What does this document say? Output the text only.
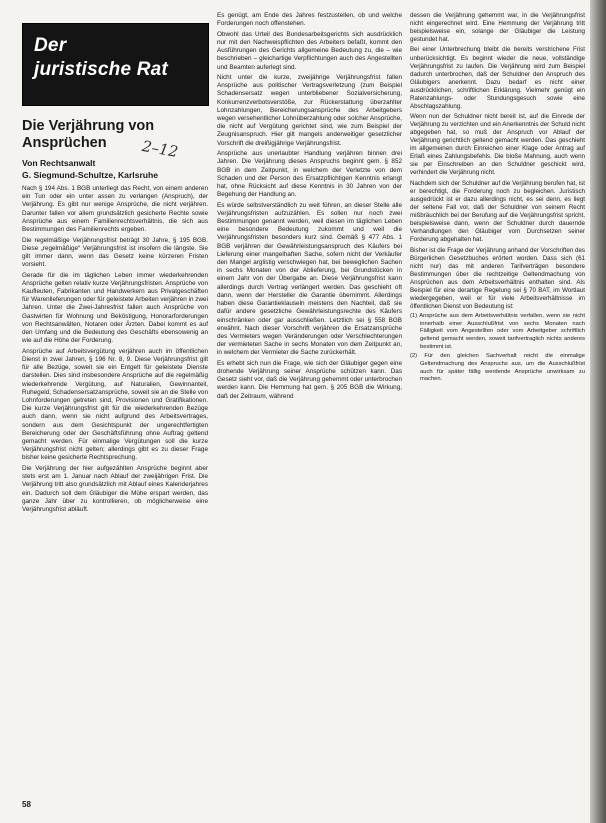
Der
juristische Rat
Die Verjährung von Ansprüchen	2–12

Von Rechtsanwalt
G. Siegmund-Schultze, Karlsruhe

Nach § 194 Abs. 1 BGB unterliegt das Recht, von einem anderen ein Tun oder ein unter assen zu verlangen (Anspruch), der Verjährung. Es gibt nur wenige Ansprüche, die nicht verjähren. Darunter fallen vor allem grundsätzlich gesicherte Rechte sowie Ansprüche aus einem Familienrechtsverhältnis, die sich aus Bestimmungen des Familienrechts ergeben.

Die regelmäßige Verjährungsfrist beträgt 30 Jahre, § 195 BGB. Diese „regelmäßige“ Verjährungsfrist ist insofern die längste. Sie gilt immer dann, wenn das Gesetz keine kürzeren Fristen vorsieht.

Gerade für die im täglichen Leben immer wiederkehrenden Ansprüche gelten relativ kurze Verjährungsfristen. Ansprüche von Kaufleuten, Fabrikanten und Handwerkern aus Privatgeschäften für Warenlieferungen oder für geleistete Arbeiten verjähren in zwei Jahren. Unter die Zwei-Jahresfrist fallen auch Ansprüche von Gastwirten für Wohnung und Beköstigung, Honorarforderungen von Rechtsanwälten, Notaren oder Ärzten. Dabei kommt es auf den Umfang und die Bedeutung des Geschäfts ebensowenig an wie auf die Höhe der Forderung.

Ansprüche auf Arbeitsvergütung verjähren auch im öffentlichen Dienst in zwei Jahren, § 196 Nr. 8, 9. Diese Verjährungsfrist gilt für alle Bezüge, soweit sie ein Entgelt für geleistete Dienste darstellen. Dies sind insbesondere Ansprüche auf die regelmäßig wiederkehrende Vergütung, auf Naturalien, Gewinnanteil, Ruhegeld, Schadensersatzansprüche, soweit sie an die Stelle von Lohnforderungen getreten sind, Provisionen und Gratifikationen. Die kurze Verjährungsfrist gilt für die wiederkehrenden Bezüge auch dann, wenn sie nicht aufgrund des Arbeitsvertrages, sondern aus dem Gesichtspunkt der ungerechtfertigten Bereicherung oder der Geschäftsführung ohne Auftrag geltend gemacht werden. Für einmalige Vergütungen soll die kurze Verjährungsfrist nicht gelten; allerdings gibt es zu dieser Frage bisher keine gesicherte Rechtsprechung.

Die Verjährung der hier aufgezählten Ansprüche beginnt aber stets erst am 1. Januar nach Ablauf der zweijährigen Frist. Die Verjährung tritt also grundsätzlich mit Ablauf eines Kalenderjahres ein. Dadurch soll dem Gläubiger die Mühe erspart werden, das ganze Jahr über zu kontrollieren, ob möglicherweise eine Verjährungsfrist abläuft.

Es genügt, am Ende des Jahres festzustellen, ob und welche Forderungen noch offenstehen.

Obwohl das Urteil des Bundesarbeitsgerichts sich ausdrücklich nur mit den Nachweispflichten des Arbeiters befaßt, kommt den Ausführungen des Gerichts allgemeine Bedeutung zu, die – wie beschrieben – gleichartige Verpflichtungen auch des Angestellten und Beamten auferlegt sind.

Nicht unter die kurze, zweijährige Verjährungsfrist fallen Ansprüche aus politischer Vertragsverletzung (zum Beispiel Schadensersatz wegen unterbliebener Sozialversicherung, Konkurrenzverbotsverstöße, zur Rückerstattung überzahlter Lohnzahlungen, Bereicherungsansprüche des Arbeitgebers wegen versehentlicher Lohnüberzahlung oder solcher Ansprüche, die nicht auf Vergütung gerichtet sind, wie zum Beispiel der Zeugnisanspruch. Hier gilt mangels anderweitiger gesetzlicher Vorschrift die dreißigjährige Verjährungsfrist.

Ansprüche aus unerlaubter Handlung verjähren binnen drei Jahren. Die Verjährung dieses Anspruchs beginnt gem. § 852 BGB in dem Zeitpunkt, in welchem der Verletzte von dem Schaden und der Person des Ersatzpflichtigen Kenntnis erlangt hat, ohne Rücksicht auf diese Kenntnis in 30 Jahren von der Begehung der Handlung an.

Es würde selbstverständlich zu weit führen, an dieser Stelle alle Verjährungsfristen aufzuzählen. Es sollen nur noch zwei Bestimmungen genannt werden, weil diesen im täglichen Leben eine besondere Bedeutung zukommt und weil die Verjährungsfristen besonders kurz sind. Gemäß § 477 Abs. 1 BGB verjähren der Gewährleistungsanspruch des Käufers bei Lieferung einer mangelhaften Sache, sofern nicht der Verkäufer den Mangel arglistig verschwiegen hat, bei beweglichen Sachen in sechs Monaten von der Ablieferung, bei Grundstücken in einem Jahr von der Übergabe an. Diese Verjährungsfrist kann allerdings durch Vertrag verlängert werden. Das geschieht oft dann, wenn der Hersteller die Garantie übernimmt. Allerdings haben diese Garantieklauseln meistens den Nachteil, daß sie dafür andere gesetzliche Gewährleistungsrechte des Käufers einschränken oder gar ausschließen. Letztlich sei § 558 BGB erwähnt. Nach dieser Vorschrift verjähren die Ersatzansprüche des Vermieters wegen Veränderungen oder Verschlechterungen der vermieteten Sache in sechs Monaten von dem Zeitpunkt an, in welchem der Vermieter die Sache zurückerhält.

Es erhebt sich nun die Frage, wie sich der Gläubiger gegen eine drohende Verjährung seiner Ansprüche schützen kann. Das Gesetz sieht vor, daß die Verjährung gehemmt oder unterbrochen werden kann. Die Hemmung hat gem. § 205 BGB die Wirkung, daß der Zeitraum, während

dessen die Verjährung gehemmt war, in die Verjährungsfrist nicht eingerechnet wird. Eine Hemmung der Verjährung tritt beispielsweise ein, solange der Gläubiger die Leistung gestundet hat.

Bei einer Unterbrechung bleibt die bereits verstrichene Frist unberücksichtigt. Es beginnt wieder die neue, vollständige Verjährungsfrist zu laufen. Die Verjährung wird zum Beispiel dadurch unterbrochen, daß der Schuldner den Anspruch des Gläubigers anerkennt. Dazu bedarf es nicht einer ausdrücklichen, schriftlichen Erklärung. Vielmehr genügt ein Ratenzahlungs- oder Stundungsgesuch sowie eine Abschlagszahlung.

Wenn nun der Schuldner nicht bereit ist, auf die Einrede der Verjährung zu verzichten und ein Anerkenntnis der Schuld nicht abgegeben hat, so muß der Anspruch vor Ablauf der Verjährung gerichtlich geltend gemacht werden. Das geschieht im allgemeinen durch Einreichen einer Klage oder Antrag auf Erlaß eines Zahlungsbefehls. Die bloße Mahnung, auch wenn sie per Einschreiben an den Schuldner geschickt wird, verhindert die Verjährung nicht.

Nachdem sich der Schuldner auf die Verjährung berufen hat, ist er berechtigt, die Forderung noch zu begleichen. Juristisch ausgedrückt ist er dazu allerdings nicht, es sei denn, es liegt der seltene Fall vor, daß der Schuldner von seinem Recht mißbräuchlich bei der Berufung auf die Verjährungsfrist spricht, beispielsweise dann, wenn der Schuldner durch dauernde Verhandlungen den Gläubiger vom Durchsetzen seiner Forderung abgehalten hat.

Bisher ist die Frage der Verjährung anhand der Vorschriften des Bürgerlichen Gesetzbuches erörtert worden. Dass sich (61 nicht nur) das mit anderen Tarifverträgen besondere Bestimmungen über die rechtzeitige Geltendmachung von Ansprüchen aus dem Arbeitsverhältnis enthalten sind. Als Beispiel für eine derartige Regelung sei § 70 BAT, im Wortlaut wiedergegeben, weil er für viele Arbeitsverhältnisse im öffentlichen Dienst von Bedeutung ist:

(1) Ansprüche aus dem Arbeitsverhältnis verfallen, wenn sie nicht innerhalb einer Ausschlußfrist von sechs Monaten nach Fälligkeit vom Angestellten oder vom Arbeitgeber schriftlich geltend gemacht werden, soweit tarifvertraglich nichts anderes bestimmt ist.

(2) Für den gleichen Sachverhalt reicht die einmalige Geltendmachung des Anspruchs aus, um die Ausschlußfrist auch für später fällig werdende Ansprüche unwirksam zu machen.

58
